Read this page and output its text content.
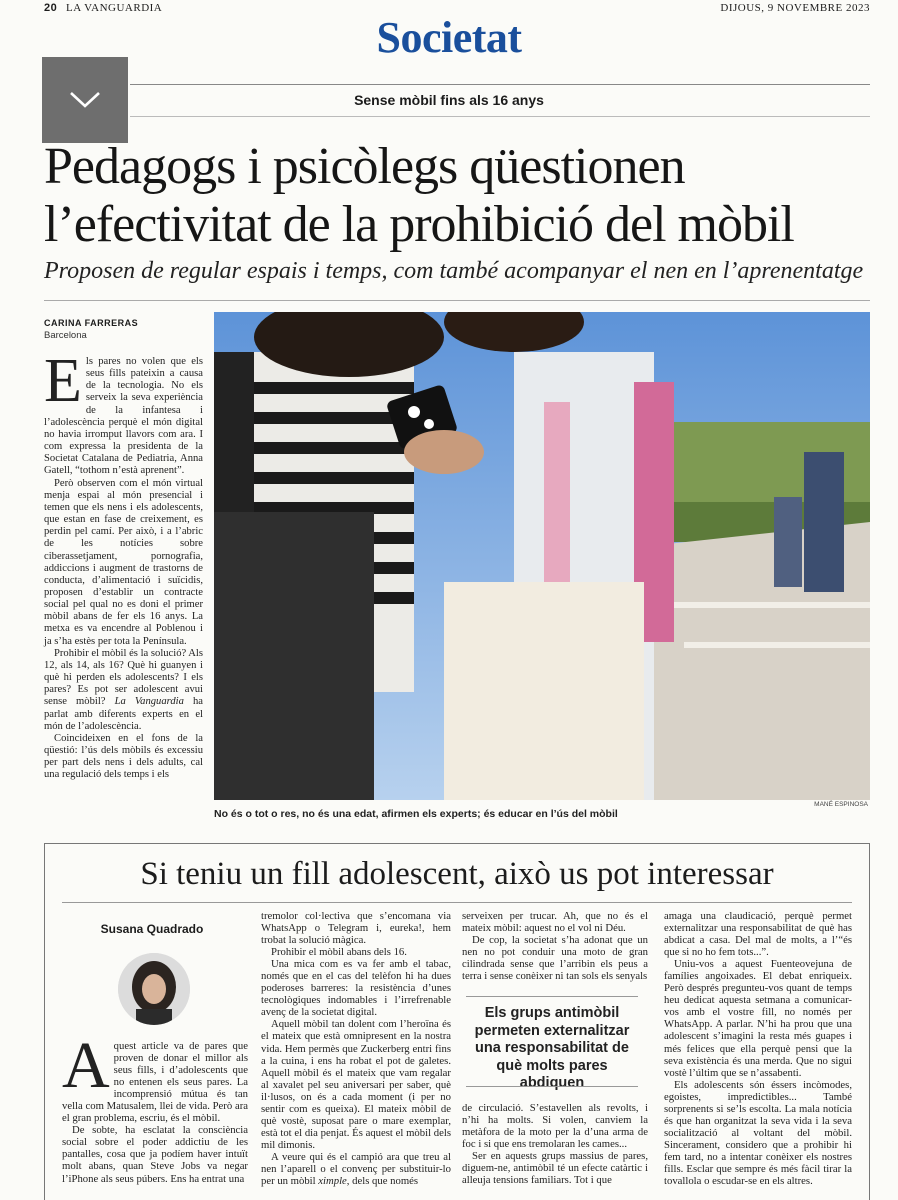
20 LA VANGUARDIA	DIJOUS, 9 NOVEMBRE 2023
Societat
Sense mòbil fins als 16 anys
Pedagogs i psicòlegs qüestionen l’efectivitat de la prohibició del mòbil
Proposen de regular espais i temps, com també acompanyar el nen en l’aprenentatge
CARINA FARRERAS
Barcelona

Els pares no volen que els seus fills pateixin a causa de la tecnologia. No els serveix la seva experiència de la infantesa i l’adolescència perquè el món digital no havia irromput llavors com ara. I com expressa la presidenta de la Societat Catalana de Pediatria, Anna Gatell, “tothom n’està aprenent”.

Però observen com el món virtual menja espai al món presencial i temen que els nens i els adolescents, que estan en fase de creixement, es perdin pel camí. Per això, i a l’abric de les notícies sobre ciberassetjament, pornografia, addiccions i augment de trastorns de conducta, d’alimentació i suïcidis, proposen d’establir un contracte social pel qual no es doni el primer mòbil abans de fer els 16 anys. La metxa es va encendre al Poblenou i ja s’ha estès per tota la Península.

Prohibir el mòbil és la solució? Als 12, als 14, als 16? Què hi guanyen i què hi perden els adolescents? I els pares? Es pot ser adolescent avui sense mòbil? La Vanguardia ha parlat amb diferents experts en el món de l’adolescència.

Coincideixen en el fons de la qüestió: l’ús dels mòbils és excessiu per part dels nens i dels adults, cal una regulació dels temps i els

MANÉ ESPINOSA
No és o tot o res, no és una edat, afirmen els experts; és educar en l’ús del mòbil
Si teniu un fill adolescent, això us pot interessar
Susana Quadrado

Aquest article va de pares que proven de donar el millor als seus fills, i d’adolescents que no entenen els seus pares. La incomprensió mútua és tan vella com Matusalem, llei de vida. Però ara el gran problema, escriu, és el mòbil.

De sobte, ha esclatat la consciència social sobre el poder addictiu de les pantalles, cosa que ja podíem haver intuït molt abans, quan Steve Jobs va negar l’iPhone als seus púbers. Ens ha entrat una

tremolor col·lectiva que s’encomana via WhatsApp o Telegram i, eureka!, hem trobat la solució màgica.

Prohibir el mòbil abans dels 16.

Una mica com es va fer amb el tabac, només que en el cas del telèfon hi ha dues poderoses barreres: la resistència d’unes tecnològiques indomables i l’irrefrenable avenç de la societat digital.

Aquell mòbil tan dolent com l’heroïna és el mateix que està omnipresent en la nostra vida. Hem permès que Zuckerberg entri fins a la cuina, i ens ha robat el pot de galetes. Aquell mòbil és el mateix que vam regalar al xavalet pel seu aniversari per saber, què il·lusos, on és a cada moment (i per no sentir com es queixa). El mateix mòbil de què vostè, suposat pare o mare exemplar, està tot el dia penjat. És aquest el mòbil dels mil dimonis.

A veure qui és el campió ara que treu al nen l’aparell o el convenç per substituir-lo per un mòbil ximple, dels que només

serveixen per trucar. Ah, que no és el mateix mòbil: aquest no el vol ni Déu.

De cop, la societat s’ha adonat que un nen no pot conduir una moto de gran cilindrada sense que l’arribin els peus a terra i sense conèixer ni tan sols els senyals

Els grups antimòbil permeten externalitzar una responsabilitat de què molts pares abdiquen

de circulació. S’estavellen als revolts, i n’hi ha molts. Si volen, canviem la metàfora de la moto per la d’una arma de foc i si que ens tremolaran les cames...

Ser en aquests grups massius de pares, diguem-ne, antimòbil té un efecte catàrtic i alleuja tensions familiars. Tot i que

amaga una claudicació, perquè permet externalitzar una responsabilitat de què has abdicat a casa. Del mal de molts, a l’“és que si no ho fem tots...”.

Uniu-vos a aquest Fuenteovejuna de famílies angoixades. El debat enriqueix. Però després pregunteu-vos quant de temps heu dedicat aquesta setmana a comunicar-vos amb el vostre fill, no només per WhatsApp. A parlar. N’hi ha prou que una adolescent s’imagini la resta més guapes i més felices que ella perquè pensi que la seva existència és una merda. Que no sigui vostè l’últim que se n’assabenti.

Els adolescents són éssers incòmodes, egoistes, impredictibles... També sorprenents si se’ls escolta. La mala notícia és que han organitzat la seva vida i la seva socialització al voltant del mòbil. Sincerament, considero que a prohibir hi fem tard, no a intentar conèixer els nostres fills. Esclar que sempre és més fàcil tirar la tovallola o escudar-se en els altres.
